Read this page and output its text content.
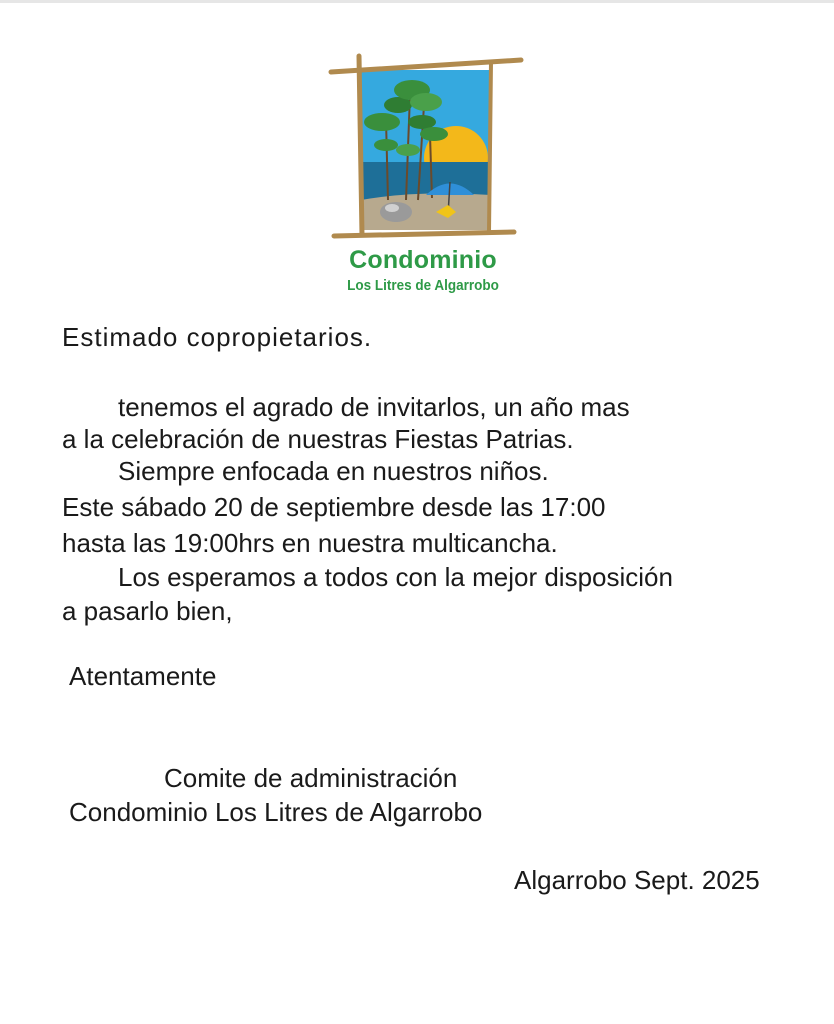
Condominio
Los Litres de Algarrobo
Estimado copropietarios.
tenemos el agrado de invitarlos, un año mas
a la celebración de nuestras Fiestas Patrias.
Siempre enfocada en nuestros niños.
Este sábado 20 de septiembre desde las 17:00
hasta las 19:00hrs en nuestra multicancha.
Los esperamos a todos con la mejor disposición
a pasarlo bien,
Atentamente
Comite de administración
Condominio Los Litres de Algarrobo
Algarrobo Sept. 2025
